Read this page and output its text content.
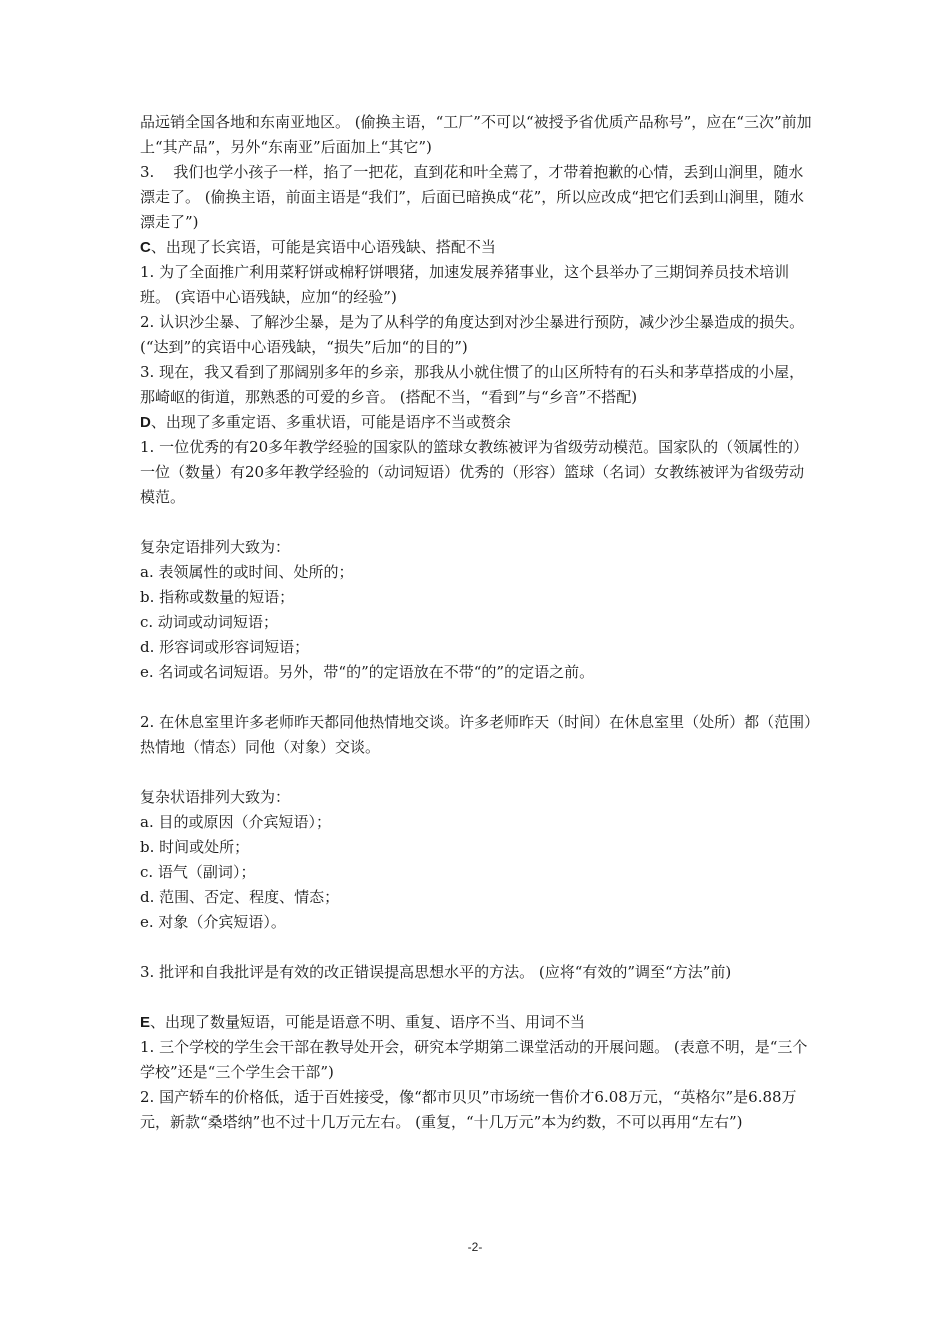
品远销全国各地和东南亚地区。 (偷换主语，“工厂”不可以“被授予省优质产品称号”，应在“三次”前加上“其产品”，另外“东南亚”后面加上“其它”)

3.    我们也学小孩子一样，掐了一把花，直到花和叶全蔫了，才带着抱歉的心情，丢到山涧里，随水漂走了。 (偷换主语，前面主语是“我们”，后面已暗换成“花”，所以应改成“把它们丢到山涧里，随水漂走了”)

C、出现了长宾语，可能是宾语中心语残缺、搭配不当

1. 为了全面推广利用菜籽饼或棉籽饼喂猪，加速发展养猪事业，这个县举办了三期饲养员技术培训班。 (宾语中心语残缺，应加“的经验”)

2. 认识沙尘暴、了解沙尘暴，是为了从科学的角度达到对沙尘暴进行预防，减少沙尘暴造成的损失。 (“达到”的宾语中心语残缺，“损失”后加“的目的”)

3. 现在，我又看到了那阔别多年的乡亲，那我从小就住惯了的山区所特有的石头和茅草搭成的小屋，那崎岖的街道，那熟悉的可爱的乡音。 (搭配不当，“看到”与“乡音”不搭配)

D、出现了多重定语、多重状语，可能是语序不当或赘余

1. 一位优秀的有20多年教学经验的国家队的篮球女教练被评为省级劳动模范。国家队的（领属性的）一位（数量）有20多年教学经验的（动词短语）优秀的（形容）篮球（名词）女教练被评为省级劳动模范。

复杂定语排列大致为：

a. 表领属性的或时间、处所的；

b. 指称或数量的短语；

c. 动词或动词短语；

d. 形容词或形容词短语；

e. 名词或名词短语。另外，带“的”的定语放在不带“的”的定语之前。

2. 在休息室里许多老师昨天都同他热情地交谈。许多老师昨天（时间）在休息室里（处所）都（范围）热情地（情态）同他（对象）交谈。

复杂状语排列大致为：

a. 目的或原因（介宾短语）；

b. 时间或处所；

c. 语气（副词）；

d. 范围、否定、程度、情态；

e. 对象（介宾短语）。

3. 批评和自我批评是有效的改正错误提高思想水平的方法。 (应将“有效的”调至“方法”前)

E、出现了数量短语，可能是语意不明、重复、语序不当、用词不当

1. 三个学校的学生会干部在教导处开会，研究本学期第二课堂活动的开展问题。 (表意不明，是“三个学校”还是“三个学生会干部”)

2. 国产轿车的价格低，适于百姓接受，像“都市贝贝”市场统一售价才6.08万元，“英格尔”是6.88万元，新款“桑塔纳”也不过十几万元左右。 (重复，“十几万元”本为约数，不可以再用“左右”)

-2-
